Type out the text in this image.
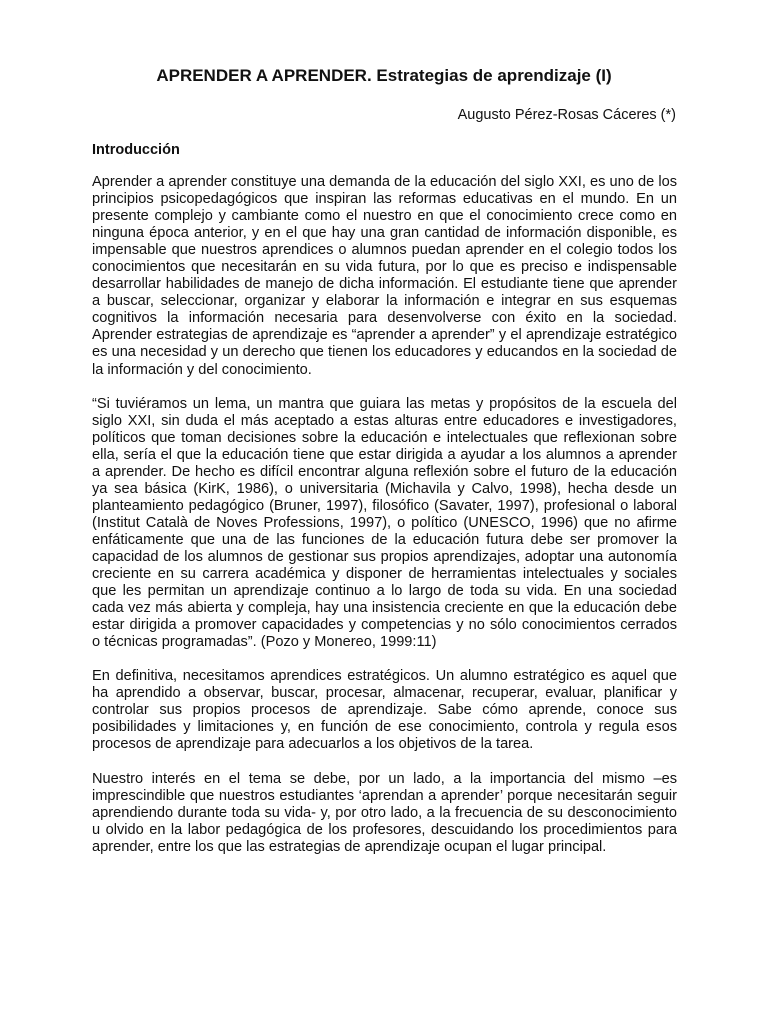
APRENDER A APRENDER. Estrategias de aprendizaje (I)

Augusto Pérez-Rosas Cáceres (*)

Introducción

Aprender a aprender constituye una demanda de la educación del siglo XXI, es uno de los principios psicopedagógicos que inspiran las reformas educativas en el mundo. En un presente complejo y cambiante como el nuestro en que el conocimiento crece como en ninguna época anterior, y en el que hay una gran cantidad de información disponible, es impensable que nuestros aprendices o alumnos puedan aprender en el colegio todos los conocimientos que necesitarán en su vida futura, por lo que es preciso e indispensable desarrollar habilidades de manejo de dicha información. El estudiante tiene que aprender a buscar, seleccionar, organizar y elaborar la información e integrar en sus esquemas cognitivos la información necesaria para desenvolverse con éxito en la sociedad. Aprender estrategias de aprendizaje es “aprender a aprender” y el aprendizaje estratégico es una necesidad y un derecho que tienen los educadores y educandos en la sociedad de la información y del conocimiento.

“Si tuviéramos un lema, un mantra que guiara las metas y propósitos de la escuela del siglo XXI, sin duda el más aceptado a estas alturas entre educadores e investigadores, políticos que toman decisiones sobre la educación e intelectuales que reflexionan sobre ella, sería el que la educación tiene que estar dirigida a ayudar a los alumnos a aprender a aprender. De hecho es difícil encontrar alguna reflexión sobre el futuro de la educación ya sea básica (KirK, 1986), o universitaria (Michavila y Calvo, 1998), hecha desde un planteamiento pedagógico (Bruner, 1997), filosófico (Savater, 1997), profesional o laboral (Institut Català de Noves Professions, 1997), o político (UNESCO, 1996) que no afirme enfáticamente que una de las funciones de la educación futura debe ser promover la capacidad de los alumnos de gestionar sus propios aprendizajes, adoptar una autonomía creciente en su carrera académica y disponer de herramientas intelectuales y sociales que les permitan un aprendizaje continuo a lo largo de toda su vida. En una sociedad cada vez más abierta y compleja, hay una insistencia creciente en que la educación debe estar dirigida a promover capacidades y competencias y no sólo conocimientos cerrados o técnicas programadas”. (Pozo y Monereo, 1999:11)

En definitiva, necesitamos aprendices estratégicos. Un alumno estratégico es aquel que ha aprendido a observar, buscar, procesar, almacenar, recuperar, evaluar, planificar y controlar sus propios procesos de aprendizaje. Sabe cómo aprende, conoce sus posibilidades y limitaciones y, en función de ese conocimiento, controla y regula esos procesos de aprendizaje para adecuarlos a los objetivos de la tarea.

Nuestro interés en el tema se debe, por un lado, a la importancia del mismo –es imprescindible que nuestros estudiantes ‘aprendan a aprender’ porque necesitarán seguir aprendiendo durante toda su vida- y, por otro lado, a la frecuencia de su desconocimiento u olvido en la labor pedagógica de los profesores, descuidando los procedimientos para aprender, entre los que las estrategias de aprendizaje ocupan el lugar principal.
